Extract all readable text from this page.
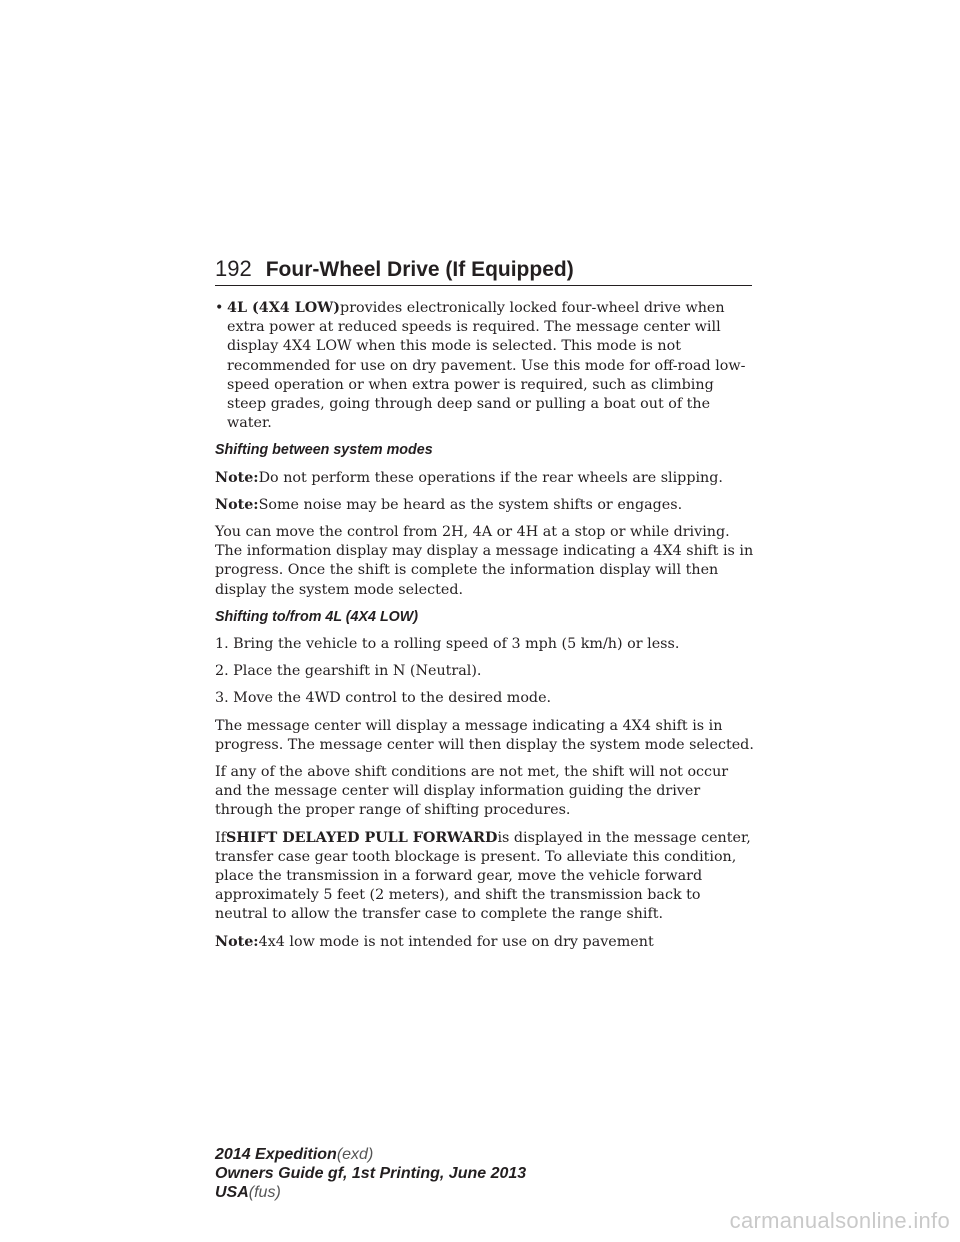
192 Four-Wheel Drive (If Equipped)
• 4L (4X4 LOW)provides electronically locked four-wheel drive when extra power at reduced speeds is required. The message center will display 4X4 LOW when this mode is selected. This mode is not recommended for use on dry pavement. Use this mode for off-road low-speed operation or when extra power is required, such as climbing steep grades, going through deep sand or pulling a boat out of the water.
Shifting between system modes

Note:Do not perform these operations if the rear wheels are slipping.

Note:Some noise may be heard as the system shifts or engages.

You can move the control from 2H, 4A or 4H at a stop or while driving. The information display may display a message indicating a 4X4 shift is in progress. Once the shift is complete the information display will then display the system mode selected.

Shifting to/from 4L (4X4 LOW)

1. Bring the vehicle to a rolling speed of 3 mph (5 km/h) or less.

2. Place the gearshift in N (Neutral).

3. Move the 4WD control to the desired mode.

The message center will display a message indicating a 4X4 shift is in progress. The message center will then display the system mode selected.

If any of the above shift conditions are not met, the shift will not occur and the message center will display information guiding the driver through the proper range of shifting procedures.

IfSHIFT DELAYED PULL FORWARDis displayed in the message center, transfer case gear tooth blockage is present. To alleviate this condition, place the transmission in a forward gear, move the vehicle forward approximately 5 feet (2 meters), and shift the transmission back to neutral to allow the transfer case to complete the range shift.

Note:4x4 low mode is not intended for use on dry pavement

2014 Expedition(exd)
Owners Guide gf, 1st Printing, June 2013
USA(fus)
carmanualsonline.info
